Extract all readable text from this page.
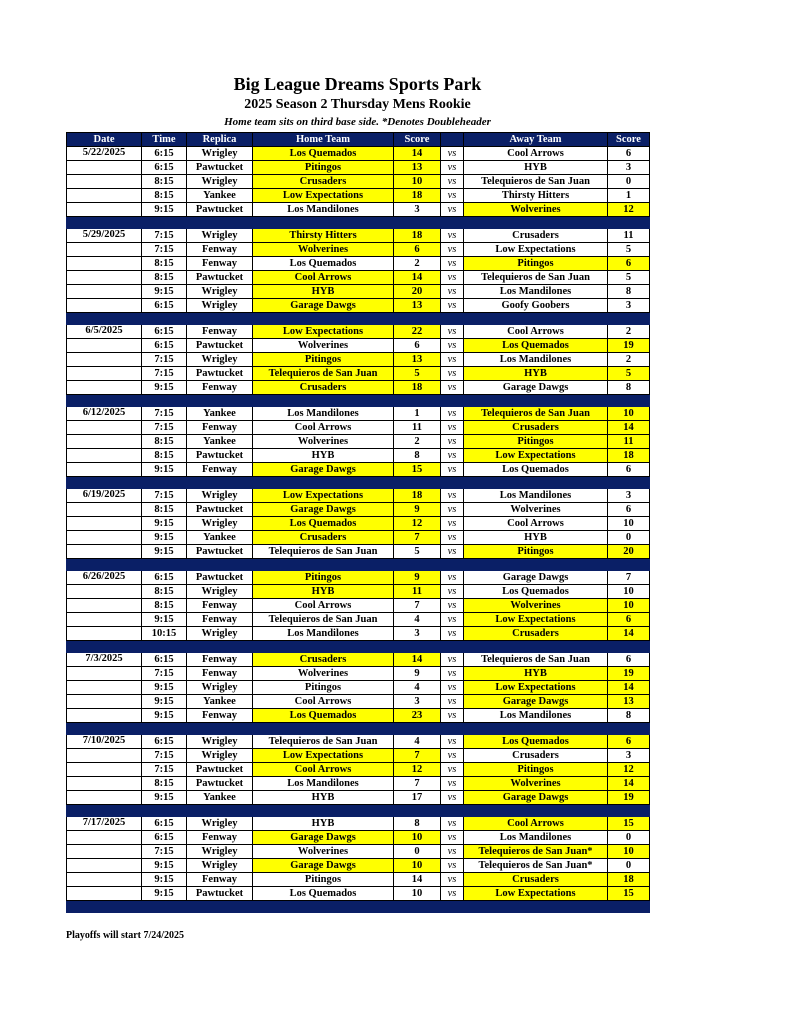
Big League Dreams Sports Park
2025 Season 2 Thursday Mens Rookie
Home team sits on third base side. *Denotes Doubleheader
Date	Time	Replica	Home Team	Score		Away Team	Score
5/22/2025	6:15	Wrigley	Los Quemados	14	vs	Cool Arrows	6
	6:15	Pawtucket	Pitingos	13	vs	HYB	3
	8:15	Wrigley	Crusaders	10	vs	Telequieros de San Juan	0
	8:15	Yankee	Low Expectations	18	vs	Thirsty Hitters	1
	9:15	Pawtucket	Los Mandilones	3	vs	Wolverines	12

5/29/2025	7:15	Wrigley	Thirsty Hitters	18	vs	Crusaders	11
	7:15	Fenway	Wolverines	6	vs	Low Expectations	5
	8:15	Fenway	Los Quemados	2	vs	Pitingos	6
	8:15	Pawtucket	Cool Arrows	14	vs	Telequieros de San Juan	5
	9:15	Wrigley	HYB	20	vs	Los Mandilones	8
	6:15	Wrigley	Garage Dawgs	13	vs	Goofy Goobers	3

6/5/2025	6:15	Fenway	Low Expectations	22	vs	Cool Arrows	2
	6:15	Pawtucket	Wolverines	6	vs	Los Quemados	19
	7:15	Wrigley	Pitingos	13	vs	Los Mandilones	2
	7:15	Pawtucket	Telequieros de San Juan	5	vs	HYB	5
	9:15	Fenway	Crusaders	18	vs	Garage Dawgs	8

6/12/2025	7:15	Yankee	Los Mandilones	1	vs	Telequieros de San Juan	10
	7:15	Fenway	Cool Arrows	11	vs	Crusaders	14
	8:15	Yankee	Wolverines	2	vs	Pitingos	11
	8:15	Pawtucket	HYB	8	vs	Low Expectations	18
	9:15	Fenway	Garage Dawgs	15	vs	Los Quemados	6

6/19/2025	7:15	Wrigley	Low Expectations	18	vs	Los Mandilones	3
	8:15	Pawtucket	Garage Dawgs	9	vs	Wolverines	6
	9:15	Wrigley	Los Quemados	12	vs	Cool Arrows	10
	9:15	Yankee	Crusaders	7	vs	HYB	0
	9:15	Pawtucket	Telequieros de San Juan	5	vs	Pitingos	20

6/26/2025	6:15	Pawtucket	Pitingos	9	vs	Garage Dawgs	7
	8:15	Wrigley	HYB	11	vs	Los Quemados	10
	8:15	Fenway	Cool Arrows	7	vs	Wolverines	10
	9:15	Fenway	Telequieros de San Juan	4	vs	Low Expectations	6
	10:15	Wrigley	Los Mandilones	3	vs	Crusaders	14

7/3/2025	6:15	Fenway	Crusaders	14	vs	Telequieros de San Juan	6
	7:15	Fenway	Wolverines	9	vs	HYB	19
	9:15	Wrigley	Pitingos	4	vs	Low Expectations	14
	9:15	Yankee	Cool Arrows	3	vs	Garage Dawgs	13
	9:15	Fenway	Los Quemados	23	vs	Los Mandilones	8

7/10/2025	6:15	Wrigley	Telequieros de San Juan	4	vs	Los Quemados	6
	7:15	Wrigley	Low Expectations	7	vs	Crusaders	3
	7:15	Pawtucket	Cool Arrows	12	vs	Pitingos	12
	8:15	Pawtucket	Los Mandilones	7	vs	Wolverines	14
	9:15	Yankee	HYB	17	vs	Garage Dawgs	19

7/17/2025	6:15	Wrigley	HYB	8	vs	Cool Arrows	15
	6:15	Fenway	Garage Dawgs	10	vs	Los Mandilones	0
	7:15	Wrigley	Wolverines	0	vs	Telequieros de San Juan*	10
	9:15	Wrigley	Garage Dawgs	10	vs	Telequieros de San Juan*	0
	9:15	Fenway	Pitingos	14	vs	Crusaders	18
	9:15	Pawtucket	Los Quemados	10	vs	Low Expectations	15

Playoffs will start 7/24/2025
